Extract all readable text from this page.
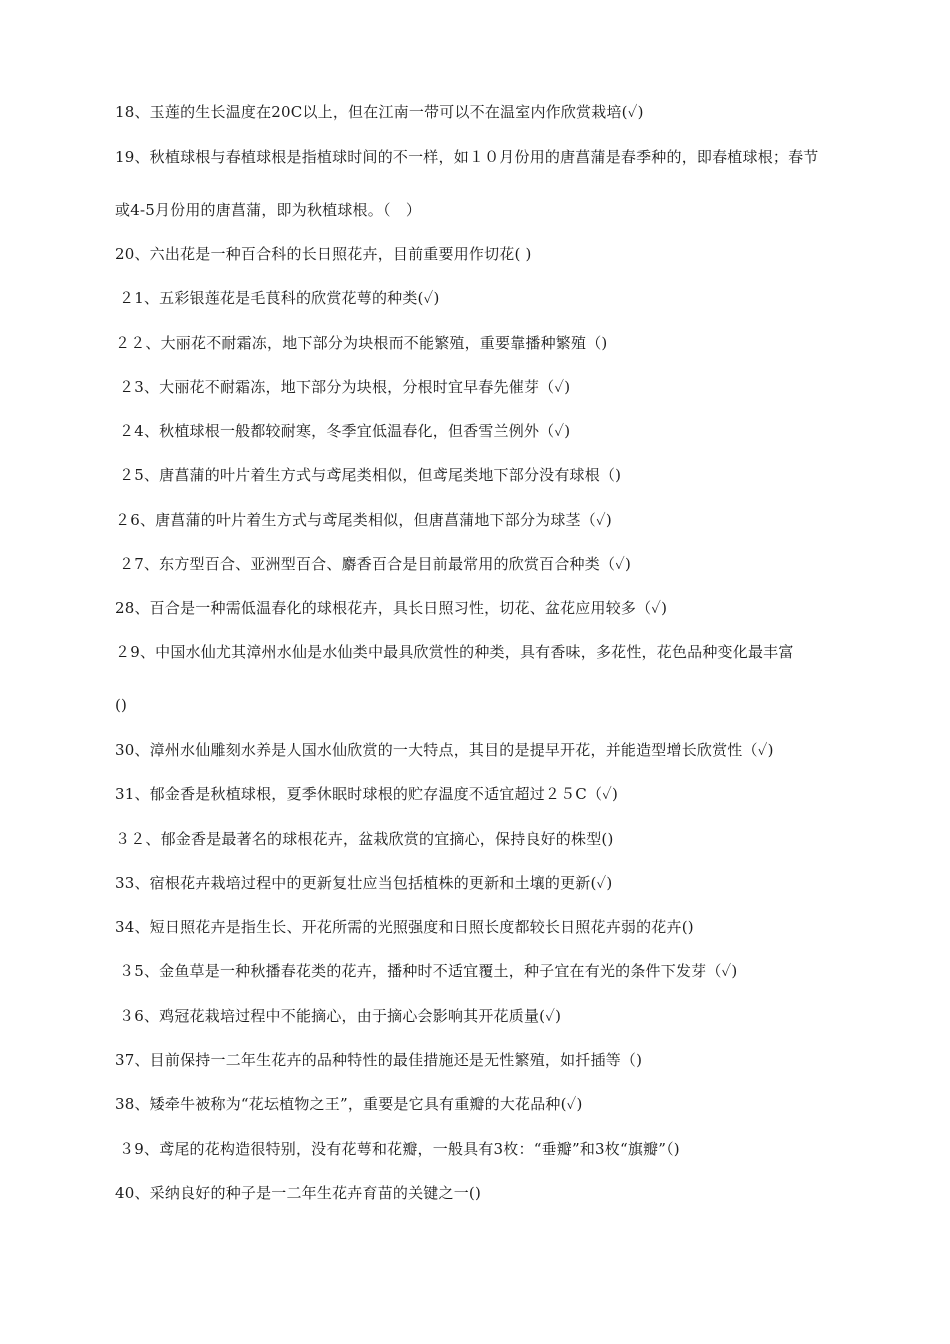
18、玉莲的生长温度在20C以上，但在江南一带可以不在温室内作欣赏栽培(✓)
19、秋植球根与春植球根是指植球时间的不一样，如１０月份用的唐菖蒲是春季种的，即春植球根；春节
或4-5月份用的唐菖蒲，即为秋植球根。（　）
20、六出花是一种百合科的长日照花卉，目前重要用作切花( )
２1、五彩银莲花是毛茛科的欣赏花萼的种类(✓)
２２、大丽花不耐霜冻，地下部分为块根而不能繁殖，重要靠播种繁殖（)
２3、大丽花不耐霜冻，地下部分为块根，分根时宜早春先催芽（✓)
２4、秋植球根一般都较耐寒，冬季宜低温春化，但香雪兰例外（✓)
２5、唐菖蒲的叶片着生方式与鸢尾类相似，但鸢尾类地下部分没有球根（)
２6、唐菖蒲的叶片着生方式与鸢尾类相似，但唐菖蒲地下部分为球茎（✓)
２7、东方型百合、亚洲型百合、麝香百合是目前最常用的欣赏百合种类（✓)
28、百合是一种需低温春化的球根花卉，具长日照习性，切花、盆花应用较多（✓)
２9、中国水仙尤其漳州水仙是水仙类中最具欣赏性的种类，具有香味，多花性，花色品种变化最丰富
()
30、漳州水仙雕刻水养是人国水仙欣赏的一大特点，其目的是提早开花，并能造型增长欣赏性（✓)
31、郁金香是秋植球根，夏季休眠时球根的贮存温度不适宜超过２５C（✓)
３２、郁金香是最著名的球根花卉，盆栽欣赏的宜摘心，保持良好的株型()
33、宿根花卉栽培过程中的更新复壮应当包括植株的更新和土壤的更新(✓)
34、短日照花卉是指生长、开花所需的光照强度和日照长度都较长日照花卉弱的花卉()
３5、金鱼草是一种秋播春花类的花卉，播种时不适宜覆土，种子宜在有光的条件下发芽（✓)
３6、鸡冠花栽培过程中不能摘心，由于摘心会影响其开花质量(✓)
37、目前保持一二年生花卉的品种特性的最佳措施还是无性繁殖，如扦插等（)
38、矮牵牛被称为“花坛植物之王”，重要是它具有重瓣的大花品种(✓)
３9、鸢尾的花构造很特别，没有花萼和花瓣，一般具有3枚：“垂瓣”和3枚“旗瓣”（)
40、采纳良好的种子是一二年生花卉育苗的关键之一()
